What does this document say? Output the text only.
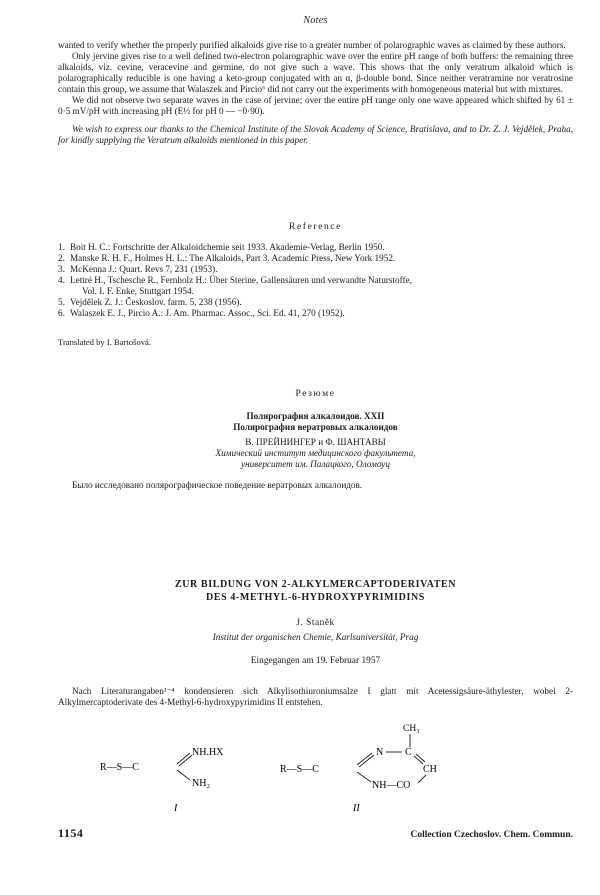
Notes

wanted to verify whether the properly purified alkaloids give rise to a greater number of polarographic waves as claimed by these authors.

Only jervine gives rise to a well defined two-electron polarographic wave over the entire pH range of both buffers: the remaining three alkaloids, viz. cevine, veracevine and germine, do not give such a wave. This shows that the only veratrum alkaloid which is polarographically reducible is one having a keto-group conjugated with an α, β-double bond. Since neither veratramine nor veratrosine contain this group, we assume that Walaszek and Pircio⁶ did not carry out the experiments with homogeneous material but with mixtures.

We did not observe two separate waves in the case of jervine; over the entire pH range only one wave appeared which shifted by 61 ± 0·5 mV/pH with increasing pH (E½ for pH 0 — −0·90).

We wish to express our thanks to the Chemical Institute of the Slovak Academy of Science, Bratislava, and to Dr. Z. J. Vejdělek, Praha, for kindly supplying the Veratrum alkaloids mentioned in this paper.

Reference
1. Boit H. C.: Fortschritte der Alkaloidchemie seit 1933. Akademie-Verlag, Berlin 1950.
2. Manske R. H. F., Holmes H. L.: The Alkaloids, Part 3. Academic Press, New York 1952.
3. McKenna J.: Quart. Revs 7, 231 (1953).
4. Lettré H., Tschesche R., Fernholz H.: Über Sterine, Gallensäuren und verwandte Naturstoffe,
Vol. I. F. Enke, Stuttgart 1954.
5. Vejdělek Z. J.: Českoslov. farm. 5, 238 (1956).
6. Walaszek E. J., Pircio A.: J. Am. Pharmac. Assoc., Sci. Ed. 41, 270 (1952).
Translated by I. Bartošová.
Резюме
Полярография алкалоидов. XXII
Полярография вератровых алкалоидов
В. ПРЕЙНИНГЕР и Ф. ШАНТАВЫ
Химический институт медицинского факультета,
университет им. Палацкого, Оломоуц
Было исследовано полярографическое поведение вератровых алкалоидов.
ZUR BILDUNG VON 2-ALKYLMERCAPTODERIVATEN
DES 4-METHYL-6-HYDROXYPYRIMIDINS
J. Staněk
Institut der organischen Chemie, Karlsuniversität, Prag
Eingegangen am 19. Februar 1957
Nach Literaturangaben¹⁻⁴ kondensieren sich Alkylisothiuroniumsalze I glatt mit Acetessigsäure-äthylester, wobei 2-Alkylmercaptoderivate des 4-Methyl-6-hydroxypyrimidins II entstehen.
R—S—C
NH.HX
NH₂
I
CH₃
N C
CH
R—S—C
NH—CO
II
1154	Collection Czechoslov. Chem. Commun.
